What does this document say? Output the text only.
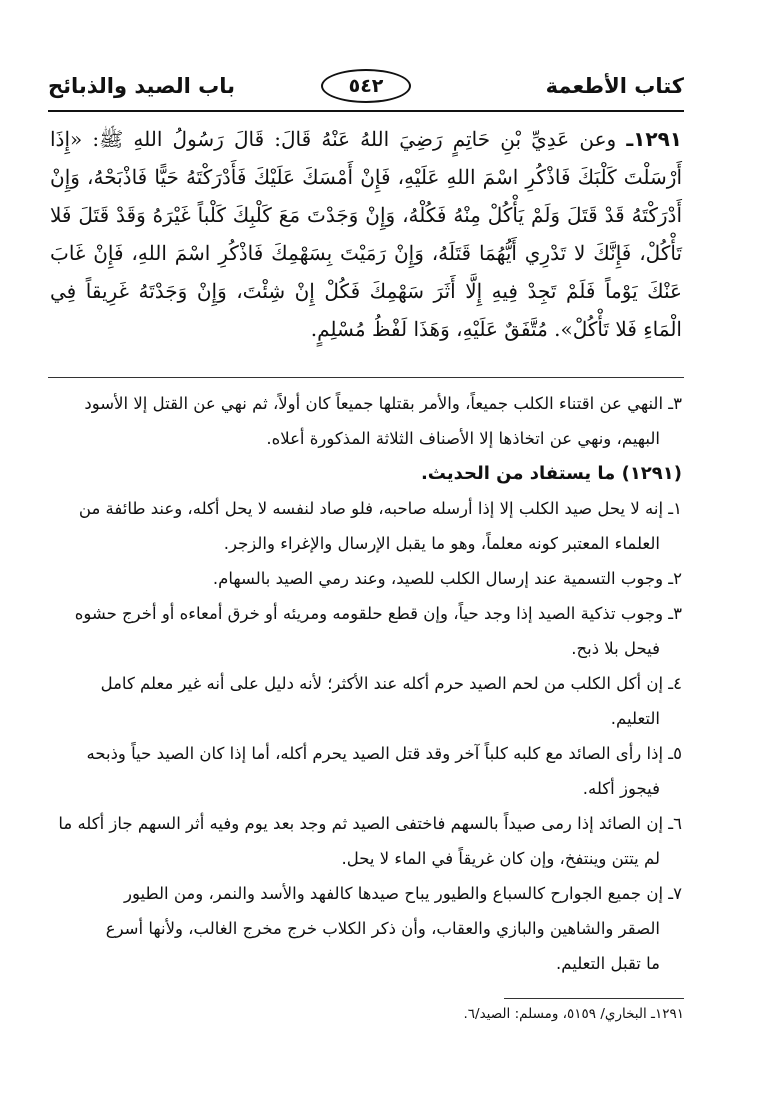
كتاب الأطعمة
٥٤٢
باب الصيد والذبائح
١٢٩١ـ وعن عَدِيِّ بْنِ حَاتِمٍ رَضِيَ اللهُ عَنْهُ قَالَ: قَالَ رَسُولُ اللهِ ﷺ: «إِذَا أَرْسَلْتَ كَلْبَكَ فَاذْكُرِ اسْمَ اللهِ عَلَيْهِ، فَإِنْ أَمْسَكَ عَلَيْكَ فَأَدْرَكْتَهُ حَيًّا فَاذْبَحْهُ، وَإِنْ أَدْرَكْتَهُ قَدْ قَتَلَ وَلَمْ يَأْكُلْ مِنْهُ فَكُلْهُ، وَإِنْ وَجَدْتَ مَعَ كَلْبِكَ كَلْباً غَيْرَهُ وَقَدْ قَتَلَ فَلا تَأْكُلْ، فَإِنَّكَ لا تَدْرِي أَيُّهُمَا قَتَلَهُ، وَإِنْ رَمَيْتَ بِسَهْمِكَ فَاذْكُرِ اسْمَ اللهِ، فَإِنْ غَابَ عَنْكَ يَوْماً فَلَمْ تَجِدْ فِيهِ إِلَّا أَثَرَ سَهْمِكَ فَكُلْ إِنْ شِئْتَ، وَإِنْ وَجَدْتَهُ غَرِيقاً فِي الْمَاءِ فَلا تَأْكُلْ». مُتَّفَقٌ عَلَيْهِ، وَهَذَا لَفْظُ مُسْلِمٍ.

٣ـ النهي عن اقتناء الكلب جميعاً، والأمر بقتلها جميعاً كان أولاً، ثم نهي عن القتل إلا الأسود

البهيم، ونهي عن اتخاذها إلا الأصناف الثلاثة المذكورة أعلاه.

(١٢٩١) ما يستفاد من الحديث.

١ـ إنه لا يحل صيد الكلب إلا إذا أرسله صاحبه، فلو صاد لنفسه لا يحل أكله، وعند طائفة من

العلماء المعتبر كونه معلماً، وهو ما يقبل الإرسال والإغراء والزجر.

٢ـ وجوب التسمية عند إرسال الكلب للصيد، وعند رمي الصيد بالسهام.

٣ـ وجوب تذكية الصيد إذا وجد حياً، وإن قطع حلقومه ومريئه أو خرق أمعاءه أو أخرج حشوه

فيحل بلا ذبح.

٤ـ إن أكل الكلب من لحم الصيد حرم أكله عند الأكثر؛ لأنه دليل على أنه غير معلم كامل

التعليم.

٥ـ إذا رأى الصائد مع كلبه كلباً آخر وقد قتل الصيد يحرم أكله، أما إذا كان الصيد حياً وذبحه

فيجوز أكله.

٦ـ إن الصائد إذا رمى صيداً بالسهم فاختفى الصيد ثم وجد بعد يوم وفيه أثر السهم جاز أكله ما

لم يتتن وينتفخ، وإن كان غريقاً في الماء لا يحل.

٧ـ إن جميع الجوارح كالسباع والطيور يباح صيدها كالفهد والأسد والنمر، ومن الطيور

الصقر والشاهين والبازي والعقاب، وأن ذكر الكلاب خرج مخرج الغالب، ولأنها أسرع

ما تقبل التعليم.

١٢٩١ـ البخاري/ ٥١٥٩، ومسلم: الصيد/٦.
